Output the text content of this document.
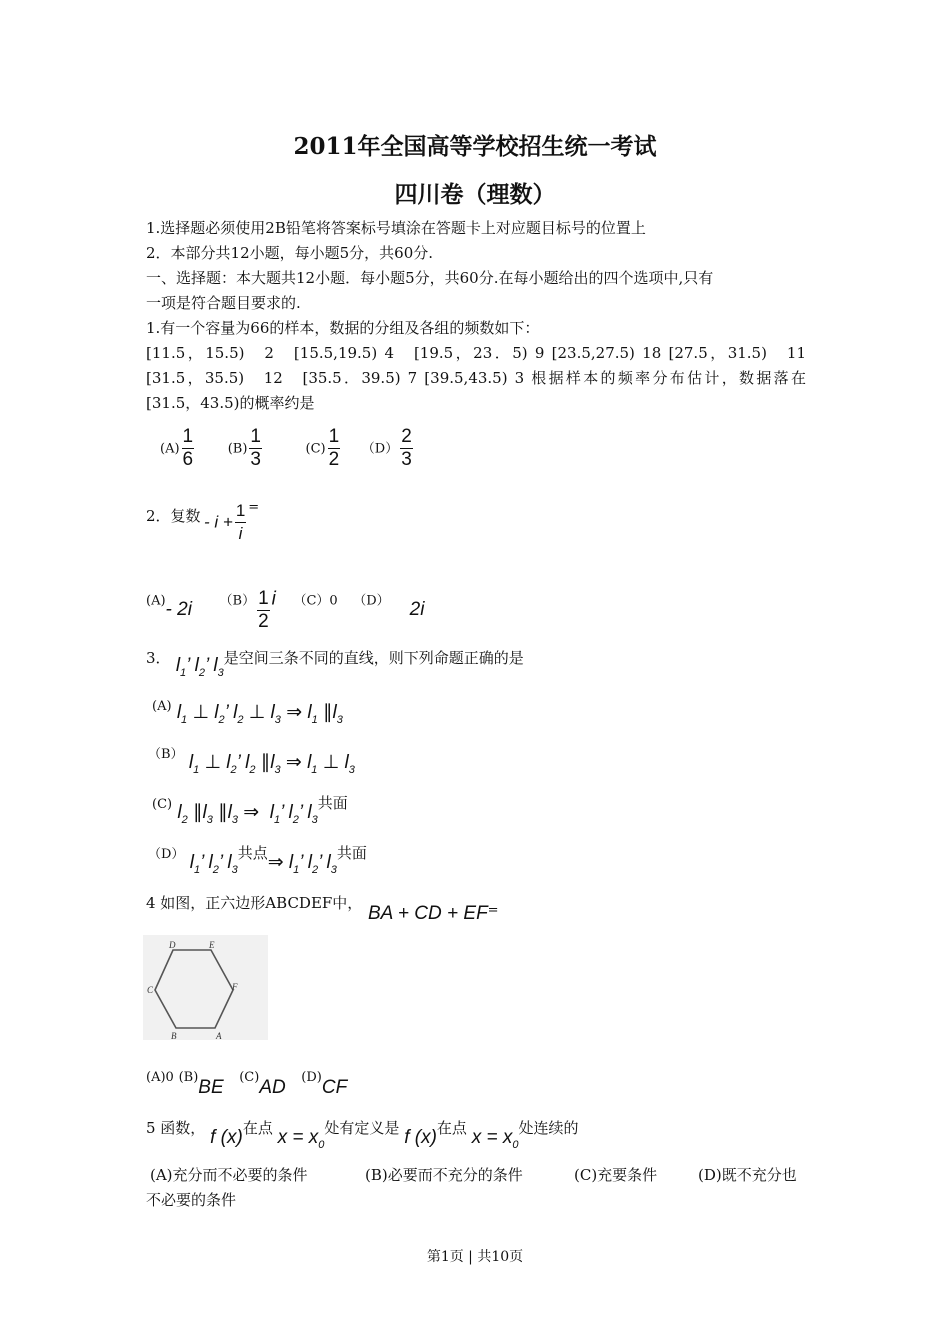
2011年全国高等学校招生统一考试
四川卷（理数）
1.选择题必须使用2B铅笔将答案标号填涂在答题卡上对应题目标号的位置上
2．本部分共12小题，每小题5分，共60分.
一、选择题：本大题共12小题．每小题5分，共60分.在每小题给出的四个选项中,只有
一项是符合题目要求的.
1.有一个容量为66的样本，数据的分组及各组的频数如下：
[11.5，15.5)　2　[15.5,19.5) 4　[19.5，23．5) 9 [23.5,27.5) 18 [27.5，31.5)　11
[31.5，35.5)　12　[35.5．39.5) 7 [39.5,43.5) 3 根据样本的频率分布估计，数据落在
[31.5，43.5)的概率约是
$(A) \frac{1}{6}$	$(B) \frac{1}{3}$	$(C) \frac{1}{2} (D) \frac{2}{3}$
2．复数 - $i + \frac{1}{i}$ =
(A)- 2i $(B) \frac{1}{2}$ i （C）0 （D） 2i
3． $l_1$’ $l_2$’ $l_3$是空间三条不同的直线，则下列命题正确的是
(A) $l_1$ ⊥ $l_2$’ $l_2$ ⊥ $l_3$ ⇒ $l_1$ $\parallel l_3$
（B） $l_1$ ⊥ $l_2$’ $l_2$ $\parallel l_3$ ⇒ $l_1$ ⊥ $l_3$
(C) $l_2$ $\parallel l_3$ $\parallel l_3$ ⇒  $l_1$’ $l_2$’ $l_3$共面
（D） $l_1$’ $l_2$’ $l_3$共点⇒ $l_1$’ $l_2$’ $l_3$共面
4 如图，正六边形ABCDEF中， BA + CD + EF=
A
B
C
D	E
F
(A)0 (B)BE (C)AD (D)CF
5 函数， f (x)在点 $x = x_0$处有定义是 f (x)在点 $x = x_0$处连续的
(A)充分而不必要的条件	(B)必要而不充分的条件	(C)充要条件	(D)既不充分也
不必要的条件
第1页 | 共10页
